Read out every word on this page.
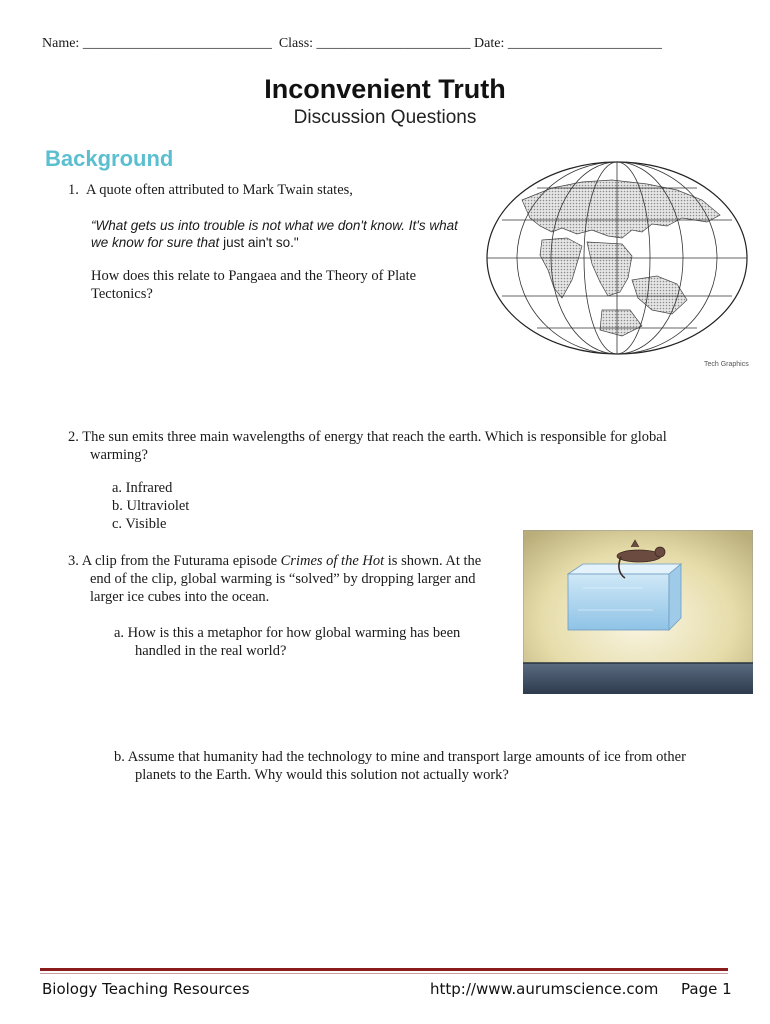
Name: ___________________________  Class: ______________________ Date: ______________________
Inconvenient Truth
Discussion Questions
Background
1. A quote often attributed to Mark Twain states,
“What gets us into trouble is not what we don't know. It's what
we know for sure that just ain't so."
How does this relate to Pangaea and the Theory of Plate
Tectonics?
Tech Graphics
2. The sun emits three main wavelengths of energy that reach the earth. Which is responsible for global
warming?
a. Infrared
b. Ultraviolet
c. Visible
3. A clip from the Futurama episode Crimes of the Hot is shown. At the
end of the clip, global warming is “solved” by dropping larger and
larger ice cubes into the ocean.
a. How is this a metaphor for how global warming has been
handled in the real world?
b. Assume that humanity had the technology to mine and transport large amounts of ice from other
planets to the Earth. Why would this solution not actually work?
Biology Teaching Resources	http://www.aurumscience.com Page 1
